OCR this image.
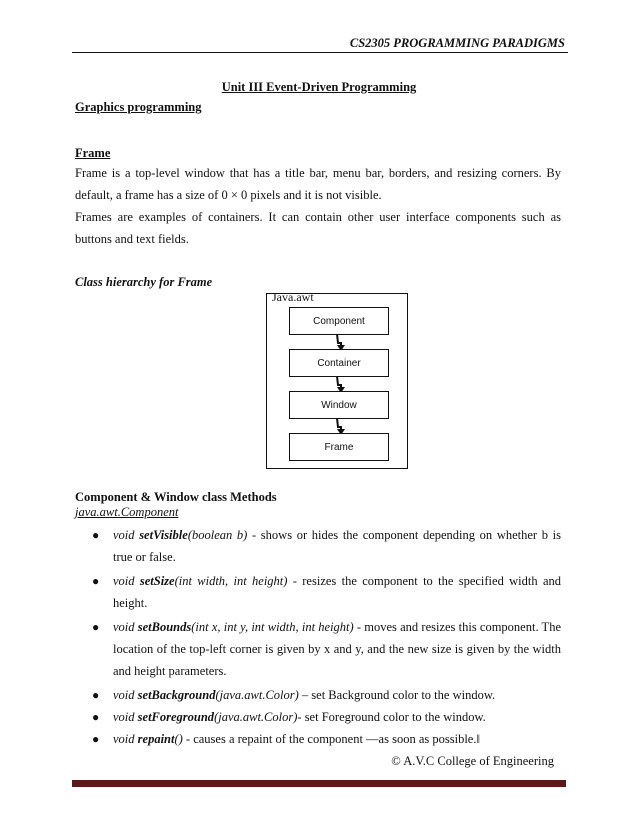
CS2305 PROGRAMMING PARADIGMS
Unit III Event-Driven Programming
Graphics programming
Frame
Frame is a top-level window that has a title bar, menu bar, borders, and resizing corners. By default, a frame has a size of 0 × 0 pixels and it is not visible.
Frames are examples of containers. It can contain other user interface components such as buttons and text fields.
Class hierarchy for Frame
Java.awt
Component
Container
Window
Frame
Component & Window class Methods
java.awt.Component
● void setVisible(boolean b) - shows or hides the component depending on whether b is true or false.
● void setSize(int width, int height) - resizes the component to the specified width and height.
● void setBounds(int x, int y, int width, int height) - moves and resizes this component. The location of the top-left corner is given by x and y, and the new size is given by the width and height parameters.
● void setBackground(java.awt.Color) – set Background color to the window.
● void setForeground(java.awt.Color)- set Foreground color to the window.
● void repaint() - causes a repaint of the component ―as soon as possible.‖
© A.V.C College of Engineering
